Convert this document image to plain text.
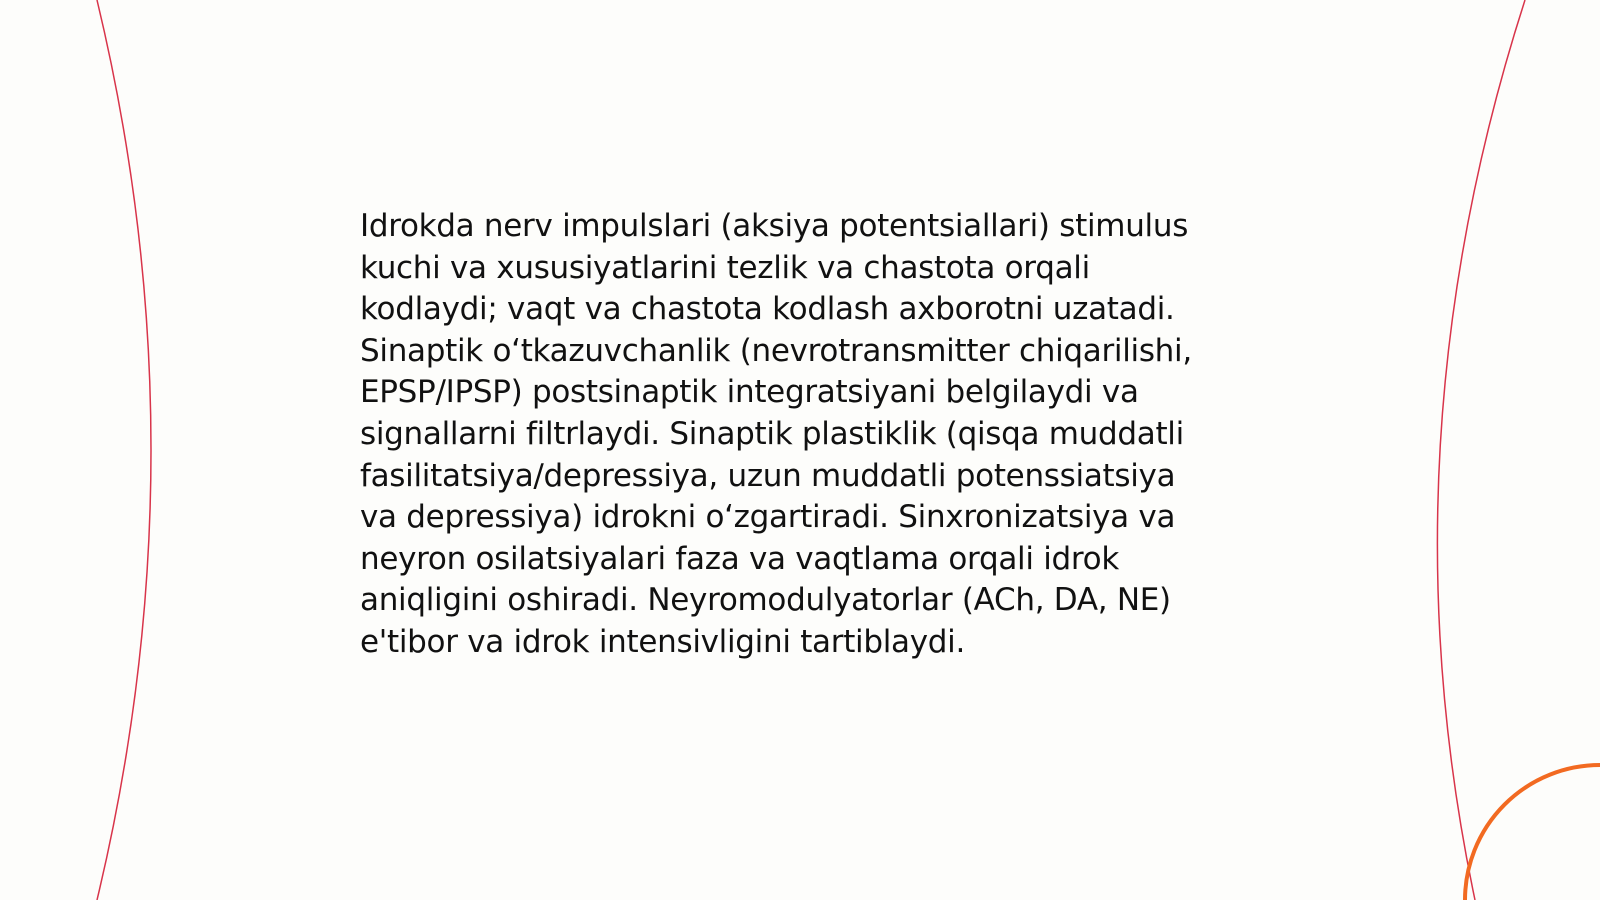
Idrokda nerv impulslari (aksiya potentsiallari) stimulus
kuchi va xususiyatlarini tezlik va chastota orqali
kodlaydi; vaqt va chastota kodlash axborotni uzatadi.
Sinaptik oʻtkazuvchanlik (nevrotransmitter chiqarilishi,
EPSP/IPSP) postsinaptik integratsiyani belgilaydi va
signallarni filtrlaydi. Sinaptik plastiklik (qisqa muddatli
fasilitatsiya/depressiya, uzun muddatli potenssiatsiya
va depressiya) idrokni oʻzgartiradi. Sinxronizatsiya va
neyron osilatsiyalari faza va vaqtlama orqali idrok
aniqligini oshiradi. Neyromodulyatorlar (ACh, DA, NE)
e'tibor va idrok intensivligini tartiblaydi.
